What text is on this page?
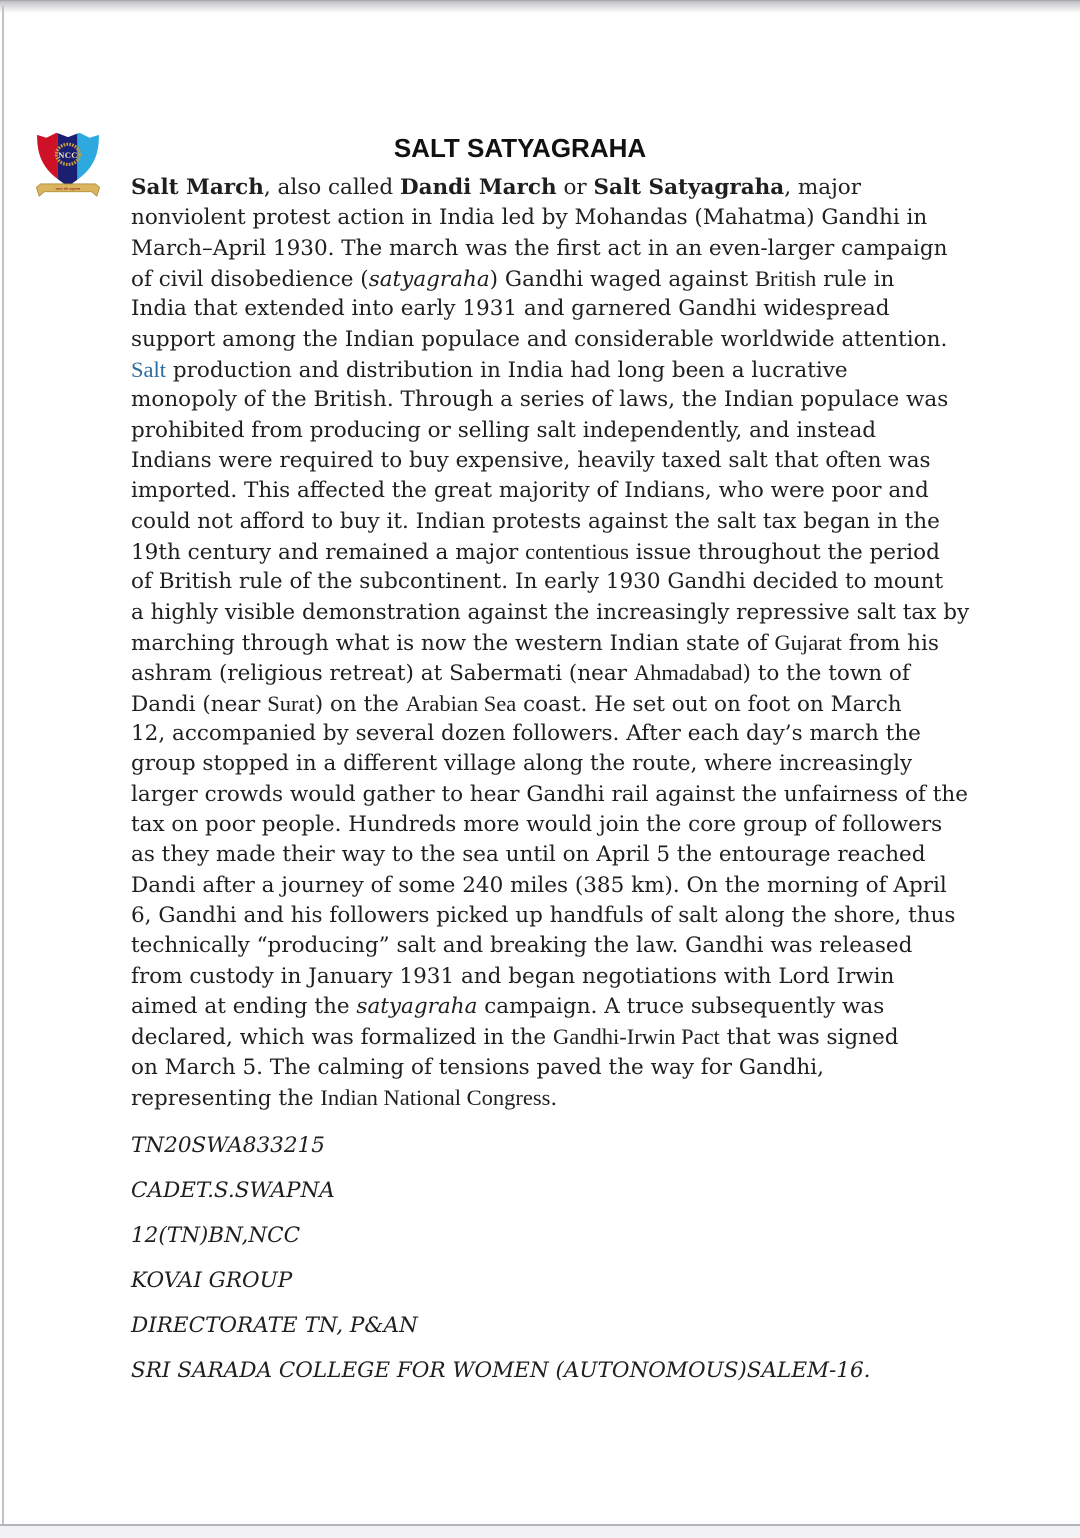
NCC
एकता और अनुशासन
SALT SATYAGRAHA
Salt March, also called Dandi March or Salt Satyagraha, major
nonviolent protest action in India led by Mohandas (Mahatma) Gandhi in
March–April 1930. The march was the first act in an even-larger campaign
of civil disobedience (satyagraha) Gandhi waged against British rule in
India that extended into early 1931 and garnered Gandhi widespread
support among the Indian populace and considerable worldwide attention.
Salt production and distribution in India had long been a lucrative
monopoly of the British. Through a series of laws, the Indian populace was
prohibited from producing or selling salt independently, and instead
Indians were required to buy expensive, heavily taxed salt that often was
imported. This affected the great majority of Indians, who were poor and
could not afford to buy it. Indian protests against the salt tax began in the
19th century and remained a major contentious issue throughout the period
of British rule of the subcontinent. In early 1930 Gandhi decided to mount
a highly visible demonstration against the increasingly repressive salt tax by
marching through what is now the western Indian state of Gujarat from his
ashram (religious retreat) at Sabermati (near Ahmadabad) to the town of
Dandi (near Surat) on the Arabian Sea coast. He set out on foot on March
12, accompanied by several dozen followers. After each day’s march the
group stopped in a different village along the route, where increasingly
larger crowds would gather to hear Gandhi rail against the unfairness of the
tax on poor people. Hundreds more would join the core group of followers
as they made their way to the sea until on April 5 the entourage reached
Dandi after a journey of some 240 miles (385 km). On the morning of April
6, Gandhi and his followers picked up handfuls of salt along the shore, thus
technically “producing” salt and breaking the law. Gandhi was released
from custody in January 1931 and began negotiations with Lord Irwin
aimed at ending the satyagraha campaign. A truce subsequently was
declared, which was formalized in the Gandhi-Irwin Pact that was signed
on March 5. The calming of tensions paved the way for Gandhi,
representing the Indian National Congress.
TN20SWA833215
CADET.S.SWAPNA
12(TN)BN,NCC
KOVAI GROUP
DIRECTORATE TN, P&AN
SRI SARADA COLLEGE FOR WOMEN (AUTONOMOUS)SALEM-16.
